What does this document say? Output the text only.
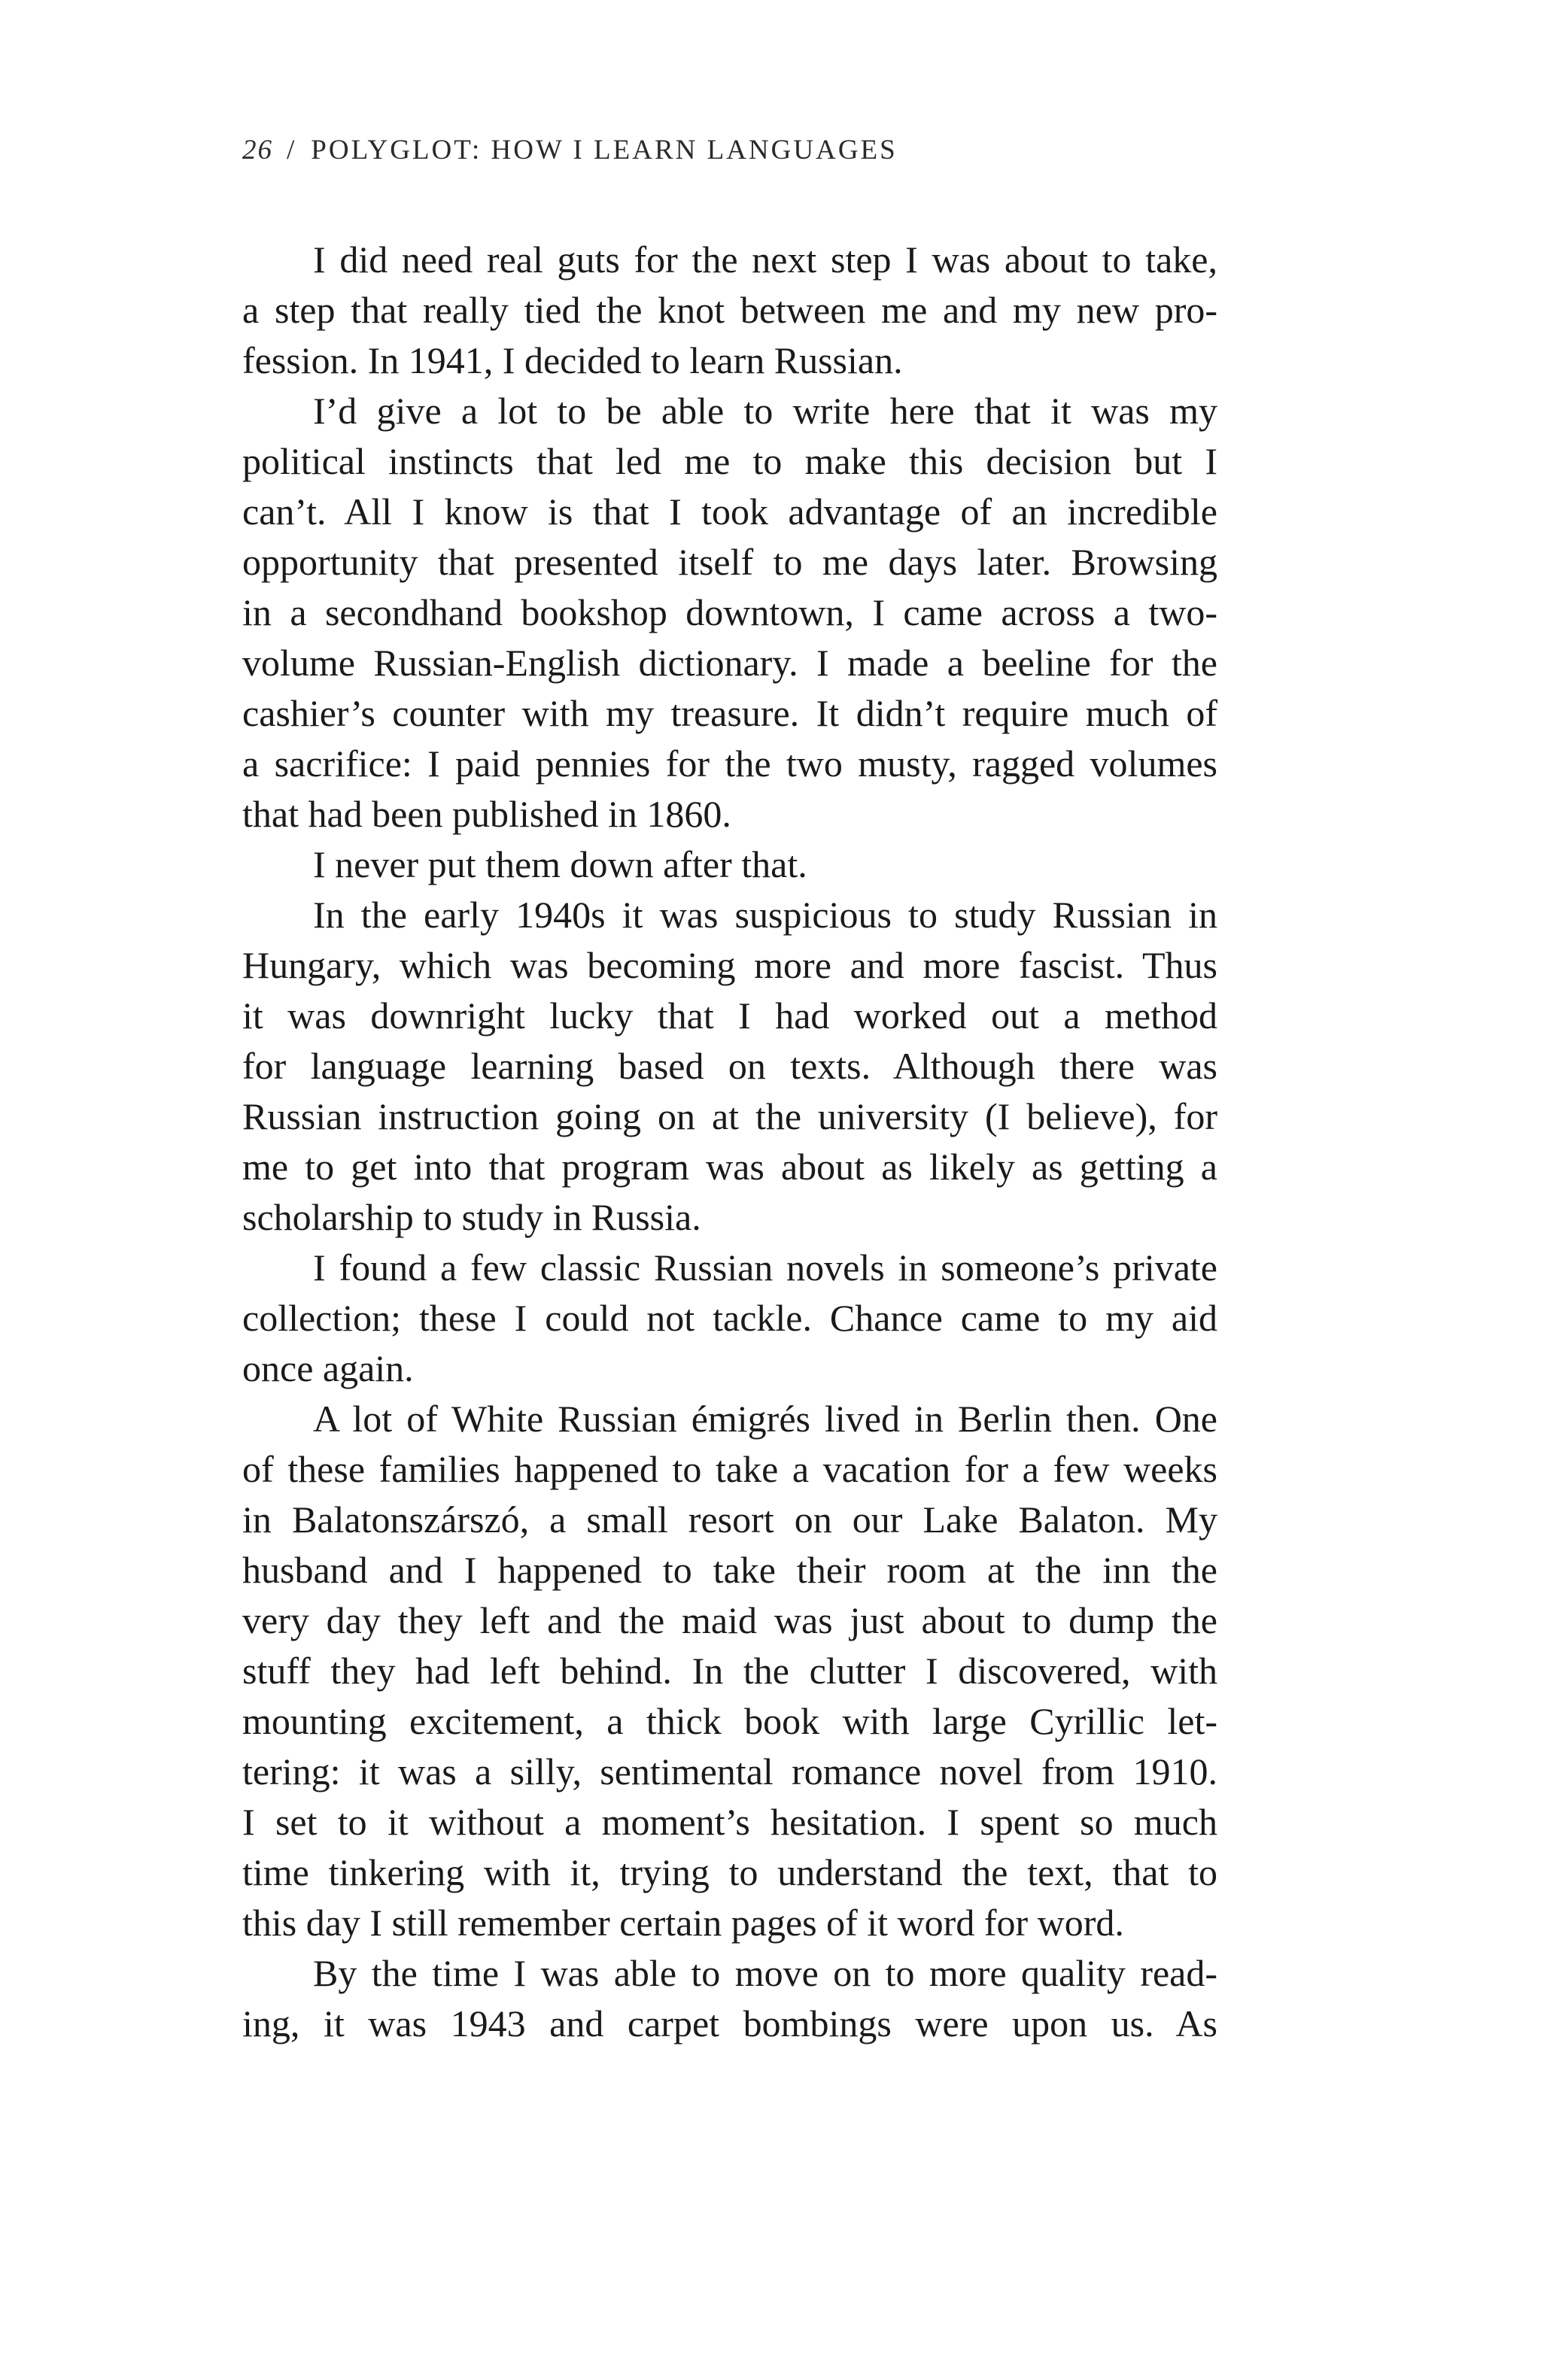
26 / POLYGLOT: HOW I LEARN LANGUAGES
I did need real guts for the next step I was about to take,
a step that really tied the knot between me and my new pro-
fession. In 1941, I decided to learn Russian.
I’d give a lot to be able to write here that it was my
political instincts that led me to make this decision but I
can’t. All I know is that I took advantage of an incredible
opportunity that presented itself to me days later. Browsing
in a secondhand bookshop downtown, I came across a two-
volume Russian-English dictionary. I made a beeline for the
cashier’s counter with my treasure. It didn’t require much of
a sacrifice: I paid pennies for the two musty, ragged volumes
that had been published in 1860.
I never put them down after that.
In the early 1940s it was suspicious to study Russian in
Hungary, which was becoming more and more fascist. Thus
it was downright lucky that I had worked out a method
for language learning based on texts. Although there was
Russian instruction going on at the university (I believe), for
me to get into that program was about as likely as getting a
scholarship to study in Russia.
I found a few classic Russian novels in someone’s private
collection; these I could not tackle. Chance came to my aid
once again.
A lot of White Russian émigrés lived in Berlin then. One
of these families happened to take a vacation for a few weeks
in Balatonszárszó, a small resort on our Lake Balaton. My
husband and I happened to take their room at the inn the
very day they left and the maid was just about to dump the
stuff they had left behind. In the clutter I discovered, with
mounting excitement, a thick book with large Cyrillic let-
tering: it was a silly, sentimental romance novel from 1910.
I set to it without a moment’s hesitation. I spent so much
time tinkering with it, trying to understand the text, that to
this day I still remember certain pages of it word for word.
By the time I was able to move on to more quality read-
ing, it was 1943 and carpet bombings were upon us. As
